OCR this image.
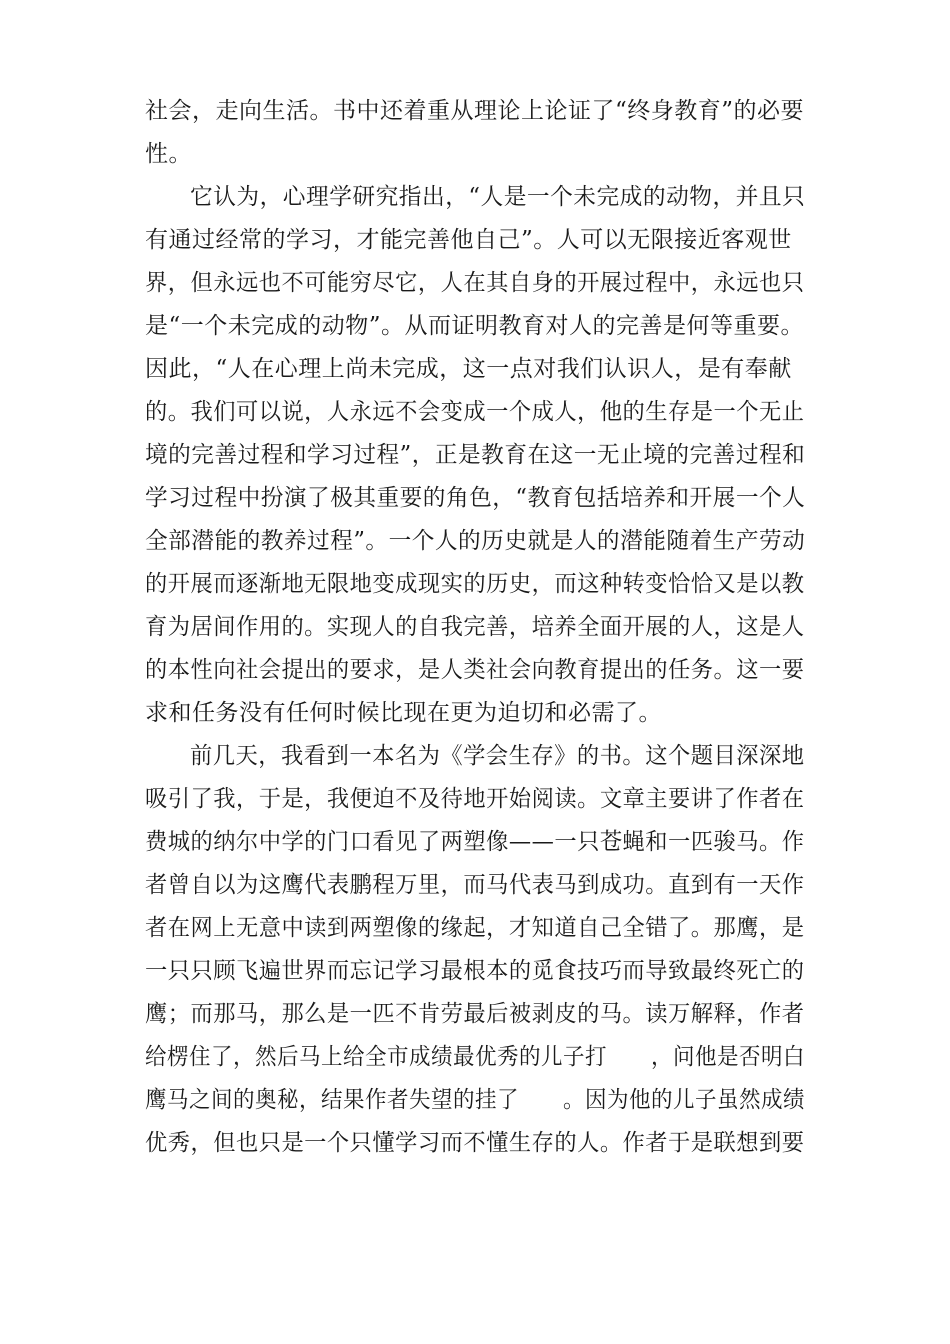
社会，走向生活。书中还着重从理论上论证了“终身教育”的必要
性。
它认为，心理学研究指出，“人是一个未完成的动物，并且只
有通过经常的学习，才能完善他自己”。人可以无限接近客观世
界，但永远也不可能穷尽它，人在其自身的开展过程中，永远也只
是“一个未完成的动物”。从而证明教育对人的完善是何等重要。
因此，“人在心理上尚未完成，这一点对我们认识人，是有奉献
的。我们可以说，人永远不会变成一个成人，他的生存是一个无止
境的完善过程和学习过程”，正是教育在这一无止境的完善过程和
学习过程中扮演了极其重要的角色，“教育包括培养和开展一个人
全部潜能的教养过程”。一个人的历史就是人的潜能随着生产劳动
的开展而逐渐地无限地变成现实的历史，而这种转变恰恰又是以教
育为居间作用的。实现人的自我完善，培养全面开展的人，这是人
的本性向社会提出的要求，是人类社会向教育提出的任务。这一要
求和任务没有任何时候比现在更为迫切和必需了。
前几天，我看到一本名为《学会生存》的书。这个题目深深地
吸引了我，于是，我便迫不及待地开始阅读。文章主要讲了作者在
费城的纳尔中学的门口看见了两塑像——一只苍蝇和一匹骏马。作
者曾自以为这鹰代表鹏程万里，而马代表马到成功。直到有一天作
者在网上无意中读到两塑像的缘起，才知道自己全错了。那鹰，是
一只只顾飞遍世界而忘记学习最根本的觅食技巧而导致最终死亡的
鹰；而那马，那么是一匹不肯劳最后被剥皮的马。读万解释，作者
给楞住了，然后马上给全市成绩最优秀的儿子打　　，问他是否明白
鹰马之间的奥秘，结果作者失望的挂了　　。因为他的儿子虽然成绩
优秀，但也只是一个只懂学习而不懂生存的人。作者于是联想到要
